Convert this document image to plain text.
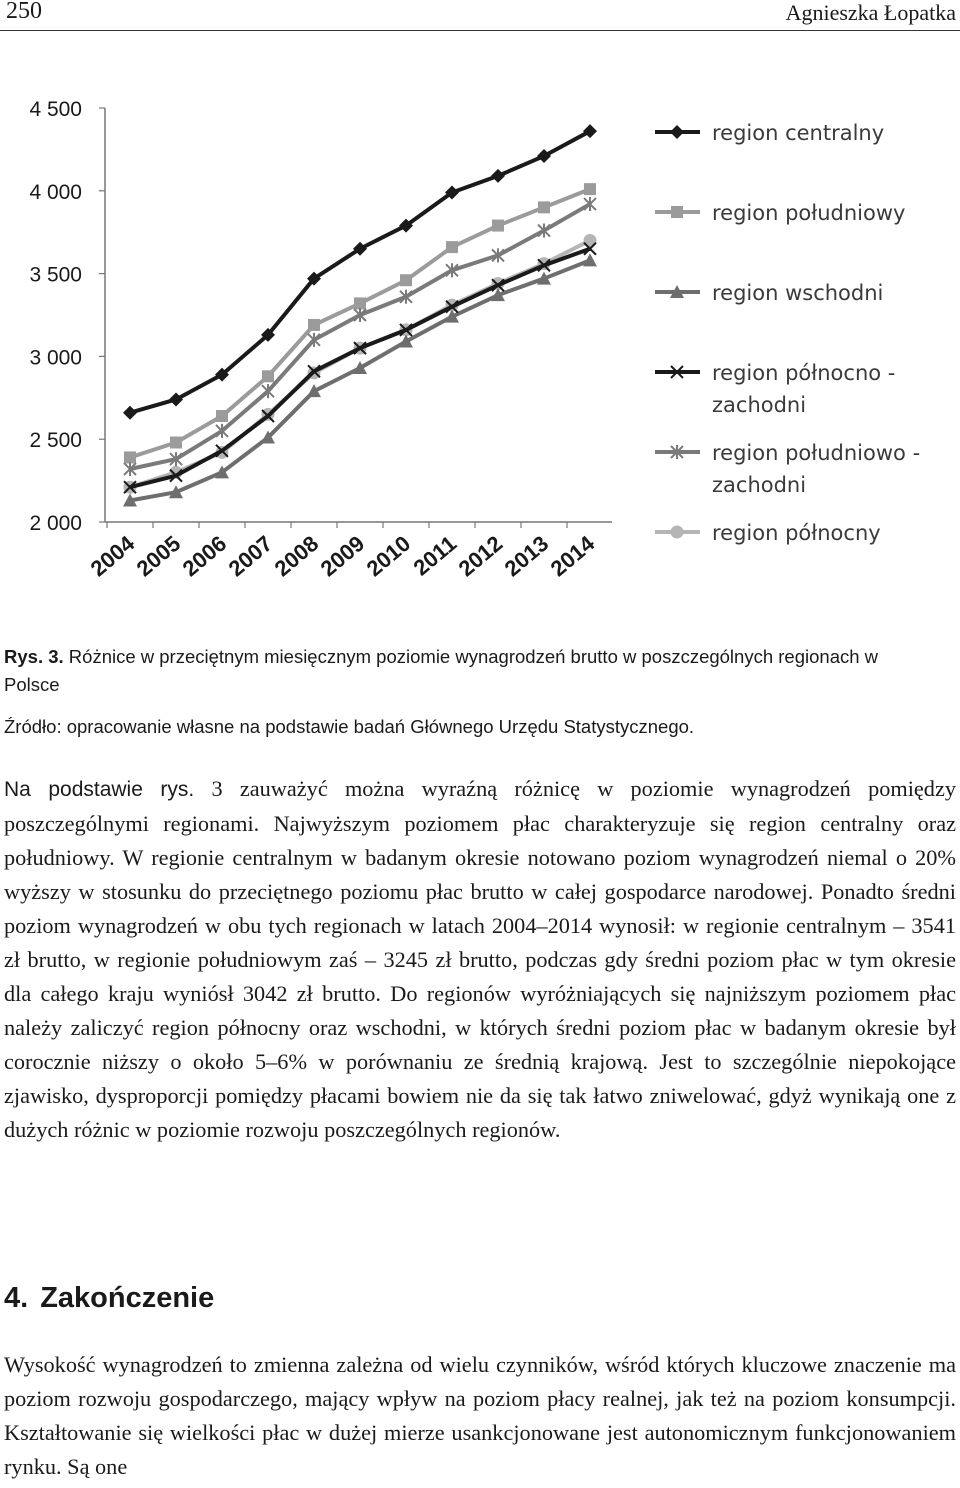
250	Agnieszka Łopatka
2 000
2 500
3 000
3 500
4 000
4 500
2004
2005
2006
2007
2008
2009
2010
2011
2012
2013
2014
region centralny
region południowy
region wschodni
region północno -
zachodni
region południowo -
zachodni
region północny
Rys. 3. Różnice w przeciętnym miesięcznym poziomie wynagrodzeń brutto w poszczególnych regionach w Polsce
Źródło: opracowanie własne na podstawie badań Głównego Urzędu Statystycznego.
Na podstawie rys. 3 zauważyć można wyraźną różnicę w poziomie wynagrodzeń pomiędzy poszczególnymi regionami. Najwyższym poziomem płac charakteryzuje się region centralny oraz południowy. W regionie centralnym w badanym okresie notowano poziom wynagrodzeń niemal o 20% wyższy w stosunku do przeciętnego poziomu płac brutto w całej gospodarce narodowej. Ponadto średni poziom wynagrodzeń w obu tych regionach w latach 2004–2014 wynosił: w regionie centralnym – 3541 zł brutto, w regionie południowym zaś – 3245 zł brutto, podczas gdy średni poziom płac w tym okresie dla całego kraju wyniósł 3042 zł brutto. Do regionów wyróżniających się najniższym poziomem płac należy zaliczyć region północny oraz wschodni, w których średni poziom płac w badanym okresie był corocznie niższy o około 5–6% w porównaniu ze średnią krajową. Jest to szczególnie niepokojące zjawisko, dysproporcji pomiędzy płacami bowiem nie da się tak łatwo zniwelować, gdyż wynikają one z dużych różnic w poziomie rozwoju poszczególnych regionów.
4. Zakończenie
Wysokość wynagrodzeń to zmienna zależna od wielu czynników, wśród których kluczowe znaczenie ma poziom rozwoju gospodarczego, mający wpływ na poziom płacy realnej, jak też na poziom konsumpcji. Kształtowanie się wielkości płac w dużej mierze usankcjonowane jest autonomicznym funkcjonowaniem rynku. Są one
